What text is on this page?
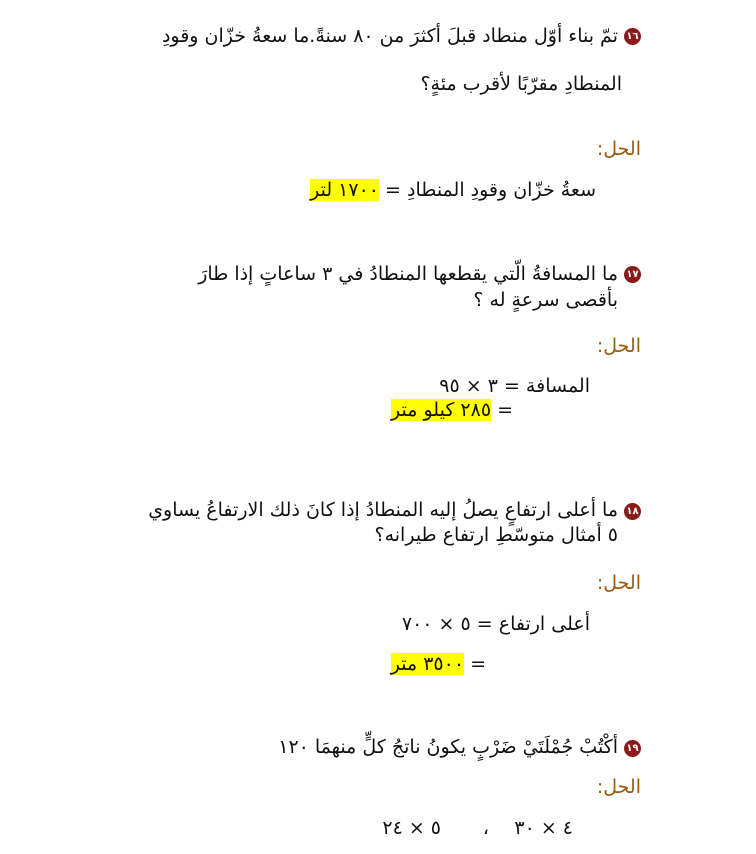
١٦
تمّ بناء أوّل منطاد قبلَ أكثرَ من ٨٠ سنةً.ما سعةُ خزّان وقودِ
المنطادِ مقرّبًا لأقرب مئةٍ؟
الحل:
سعةُ خزّان وقودِ المنطادِ = ١٧٠٠ لتر
١٧
ما المسافةُ الّتي يقطعها المنطادُ في ٣ ساعاتٍ إذا طارَ
بأقصى سرعةٍ له ؟
الحل:
المسافة = ٣ × ٩٥
= ٢٨٥ كيلو متر
١٨
ما أعلى ارتفاعٍ يصلُ إليه المنطادُ إذا كانَ ذلك الارتفاعُ يساوي
٥ أمثال متوسّطِ ارتفاع طيرانه؟
الحل:
أعلى ارتفاع = ٥ × ٧٠٠
= ٣٥٠٠ متر
١٩
أكْتُبْ جُمْلَتَيْ ضَرْبٍ يكونُ ناتجُ كلٍّ منهمَا ١٢٠
الحل:
٤ × ٣٠
،
٥ × ٢٤
